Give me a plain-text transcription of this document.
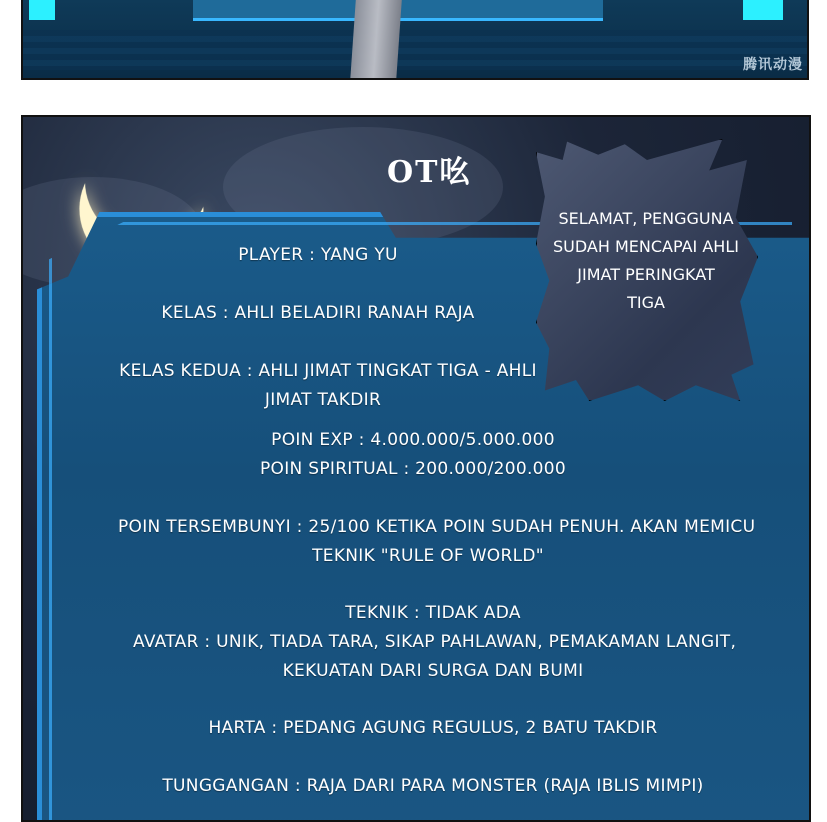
腾讯动漫
OT吆
SELAMAT, PENGGUNA
SUDAH MENCAPAI AHLI
JIMAT PERINGKAT
TIGA
PLAYER : YANG YU
KELAS : AHLI BELADIRI RANAH RAJA
KELAS KEDUA : AHLI JIMAT TINGKAT TIGA - AHLI
JIMAT TAKDIR
POIN EXP : 4.000.000/5.000.000
POIN SPIRITUAL : 200.000/200.000
POIN TERSEMBUNYI : 25/100 KETIKA POIN SUDAH PENUH. AKAN MEMICU
TEKNIK "RULE OF WORLD"
TEKNIK : TIDAK ADA
AVATAR : UNIK, TIADA TARA, SIKAP PAHLAWAN, PEMAKAMAN LANGIT,
KEKUATAN DARI SURGA DAN BUMI
HARTA : PEDANG AGUNG REGULUS, 2 BATU TAKDIR
TUNGGANGAN : RAJA DARI PARA MONSTER (RAJA IBLIS MIMPI)
